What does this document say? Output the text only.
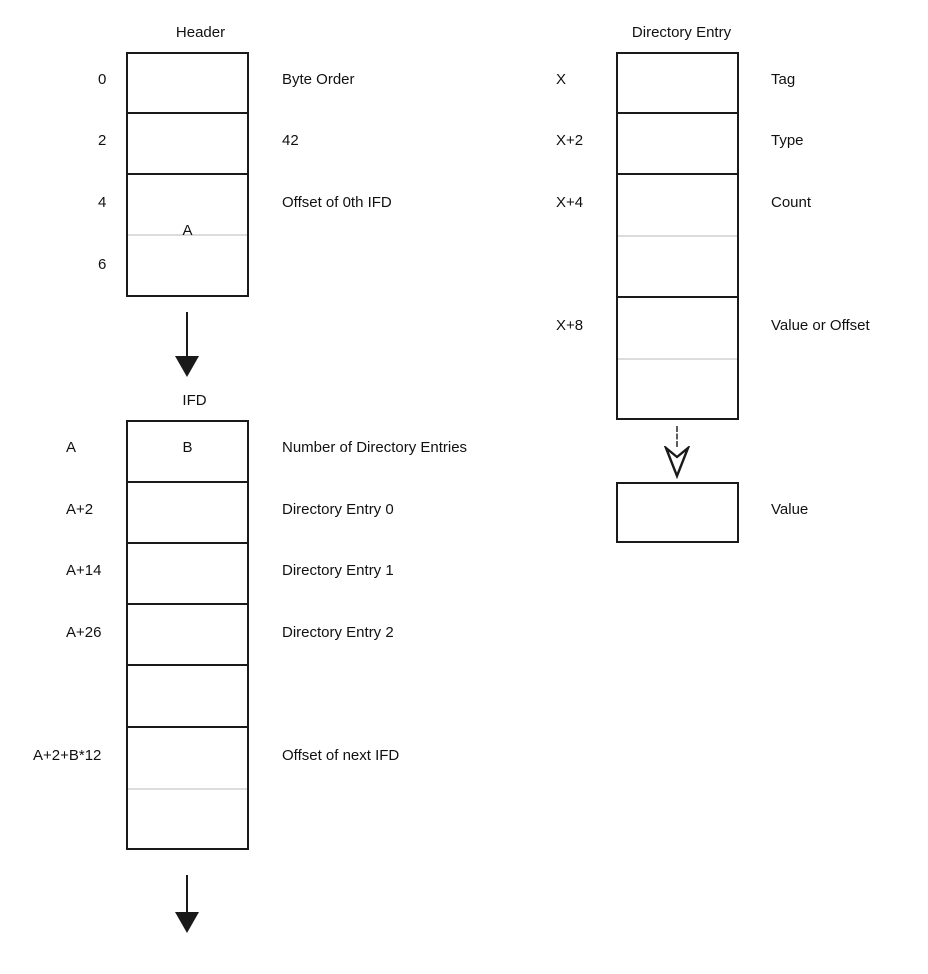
Header
0
2
4
6
Byte Order
42
Offset of 0th IFD
A
IFD
B
A
A+2
A+14
A+26
A+2+B*12
Number of Directory Entries
Directory Entry 0
Directory Entry 1
Directory Entry 2
Offset of next IFD
Directory Entry
X
X+2
X+4
X+8
Tag
Type
Count
Value or Offset
Value
